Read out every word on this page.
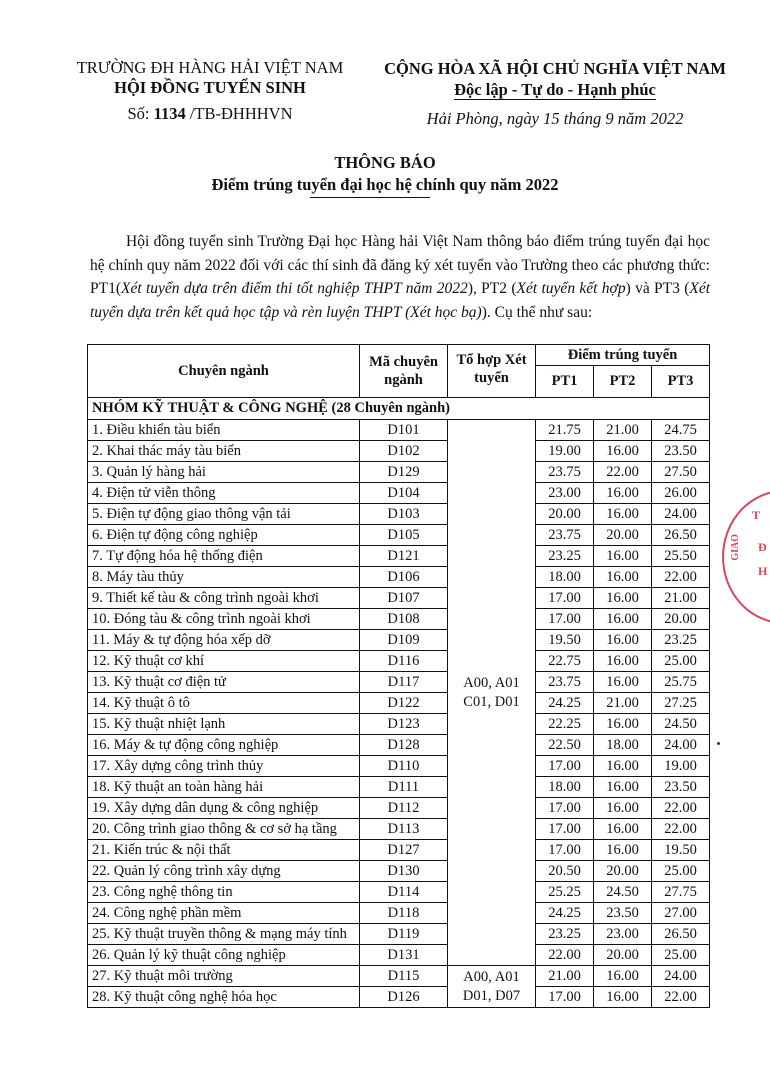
TRƯỜNG ĐH HÀNG HẢI VIỆT NAM
HỘI ĐỒNG TUYỂN SINH
Số: 1134 /TB-ĐHHHVN
CỘNG HÒA XÃ HỘI CHỦ NGHĨA VIỆT NAM
Độc lập - Tự do - Hạnh phúc
Hải Phòng, ngày 15 tháng 9 năm 2022
THÔNG BÁO
Điểm trúng tuyển đại học hệ chính quy năm 2022
Hội đồng tuyển sinh Trường Đại học Hàng hải Việt Nam thông báo điểm trúng tuyển đại học hệ chính quy năm 2022 đối với các thí sinh đã đăng ký xét tuyển vào Trường theo các phương thức: PT1(Xét tuyển dựa trên điểm thi tốt nghiệp THPT năm 2022), PT2 (Xét tuyển kết hợp) và PT3 (Xét tuyển dựa trên kết quả học tập và rèn luyện THPT (Xét học bạ)). Cụ thể như sau:
Chuyên ngành	Mã chuyên ngành	Tổ hợp Xét tuyển	Điểm trúng tuyển		
			PT1	PT2	PT3
NHÓM KỸ THUẬT & CÔNG NGHỆ (28 Chuyên ngành)					
1. Điều khiển tàu biển	D101	A00, A01
C01, D01	21.75	21.00	24.75
2. Khai thác máy tàu biển	D102		19.00	16.00	23.50
3. Quản lý hàng hải	D129		23.75	22.00	27.50
4. Điện tử viễn thông	D104		23.00	16.00	26.00
5. Điện tự động giao thông vận tải	D103		20.00	16.00	24.00
6. Điện tự động công nghiệp	D105		23.75	20.00	26.50
7. Tự động hóa hệ thống điện	D121		23.25	16.00	25.50
8. Máy tàu thủy	D106		18.00	16.00	22.00
9. Thiết kế tàu & công trình ngoài khơi	D107		17.00	16.00	21.00
10. Đóng tàu & công trình ngoài khơi	D108		17.00	16.00	20.00
11. Máy & tự động hóa xếp dỡ	D109		19.50	16.00	23.25
12. Kỹ thuật cơ khí	D116		22.75	16.00	25.00
13. Kỹ thuật cơ điện tử	D117		23.75	16.00	25.75
14. Kỹ thuật ô tô	D122		24.25	21.00	27.25
15. Kỹ thuật nhiệt lạnh	D123		22.25	16.00	24.50
16. Máy & tự động công nghiệp	D128		22.50	18.00	24.00
17. Xây dựng công trình thủy	D110		17.00	16.00	19.00
18. Kỹ thuật an toàn hàng hải	D111		18.00	16.00	23.50
19. Xây dựng dân dụng & công nghiệp	D112		17.00	16.00	22.00
20. Công trình giao thông & cơ sở hạ tầng	D113		17.00	16.00	22.00
21. Kiến trúc & nội thất	D127		17.00	16.00	19.50
22. Quản lý công trình xây dựng	D130		20.50	20.00	25.00
23. Công nghệ thông tin	D114		25.25	24.50	27.75
24. Công nghệ phần mềm	D118		24.25	23.50	27.00
25. Kỹ thuật truyền thông & mạng máy tính	D119		23.25	23.00	26.50
26. Quản lý kỹ thuật công nghiệp	D131		22.00	20.00	25.00
27. Kỹ thuật môi trường	D115	A00, A01
D01, D07	21.00	16.00	24.00
28. Kỹ thuật công nghệ hóa học	D126		17.00	16.00	22.00
T
Đ
H
GIAO
